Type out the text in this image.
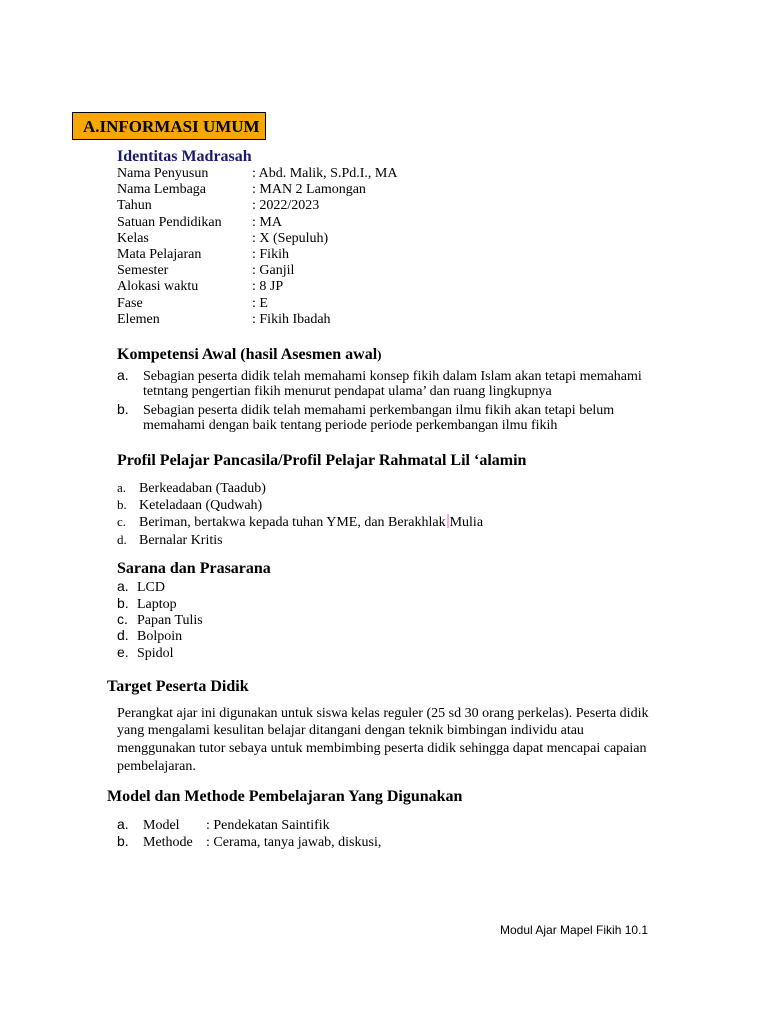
A.INFORMASI UMUM
Identitas Madrasah
Nama Penyusun	: Abd. Malik, S.Pd.I., MA
Nama Lembaga	: MAN 2 Lamongan
Tahun	: 2022/2023
Satuan Pendidikan : MA
Kelas	: X (Sepuluh)
Mata Pelajaran	: Fikih
Semester	: Ganjil
Alokasi waktu	: 8 JP
Fase	: E
Elemen	: Fikih Ibadah
Kompetensi Awal (hasil Asesmen awal)
a. Sebagian peserta didik telah memahami konsep fikih dalam Islam akan tetapi memahami
tetntang pengertian fikih menurut pendapat ulama’ dan ruang lingkupnya
b. Sebagian peserta didik telah memahami perkembangan ilmu fikih akan tetapi belum
memahami dengan baik tentang periode periode perkembangan ilmu fikih
Profil Pelajar Pancasila/Profil Pelajar Rahmatal Lil ‘alamin
a. Berkeadaban (Taadub)
b. Keteladaan (Qudwah)
c. Beriman, bertakwa kepada tuhan YME, dan Berakhlak Mulia
d. Bernalar Kritis
Sarana dan Prasarana
a. LCD
b. Laptop
c. Papan Tulis
d. Bolpoin
e. Spidol
Target Peserta Didik
Perangkat ajar ini digunakan untuk siswa kelas reguler (25 sd 30 orang perkelas). Peserta didik
yang mengalami kesulitan belajar ditangani dengan teknik bimbingan individu atau
menggunakan tutor sebaya untuk membimbing peserta didik sehingga dapat mencapai capaian
pembelajaran.
Model dan Methode Pembelajaran Yang Digunakan
a. Model : Pendekatan Saintifik
b. Methode : Cerama, tanya jawab, diskusi,
Modul Ajar Mapel Fikih 10.1
